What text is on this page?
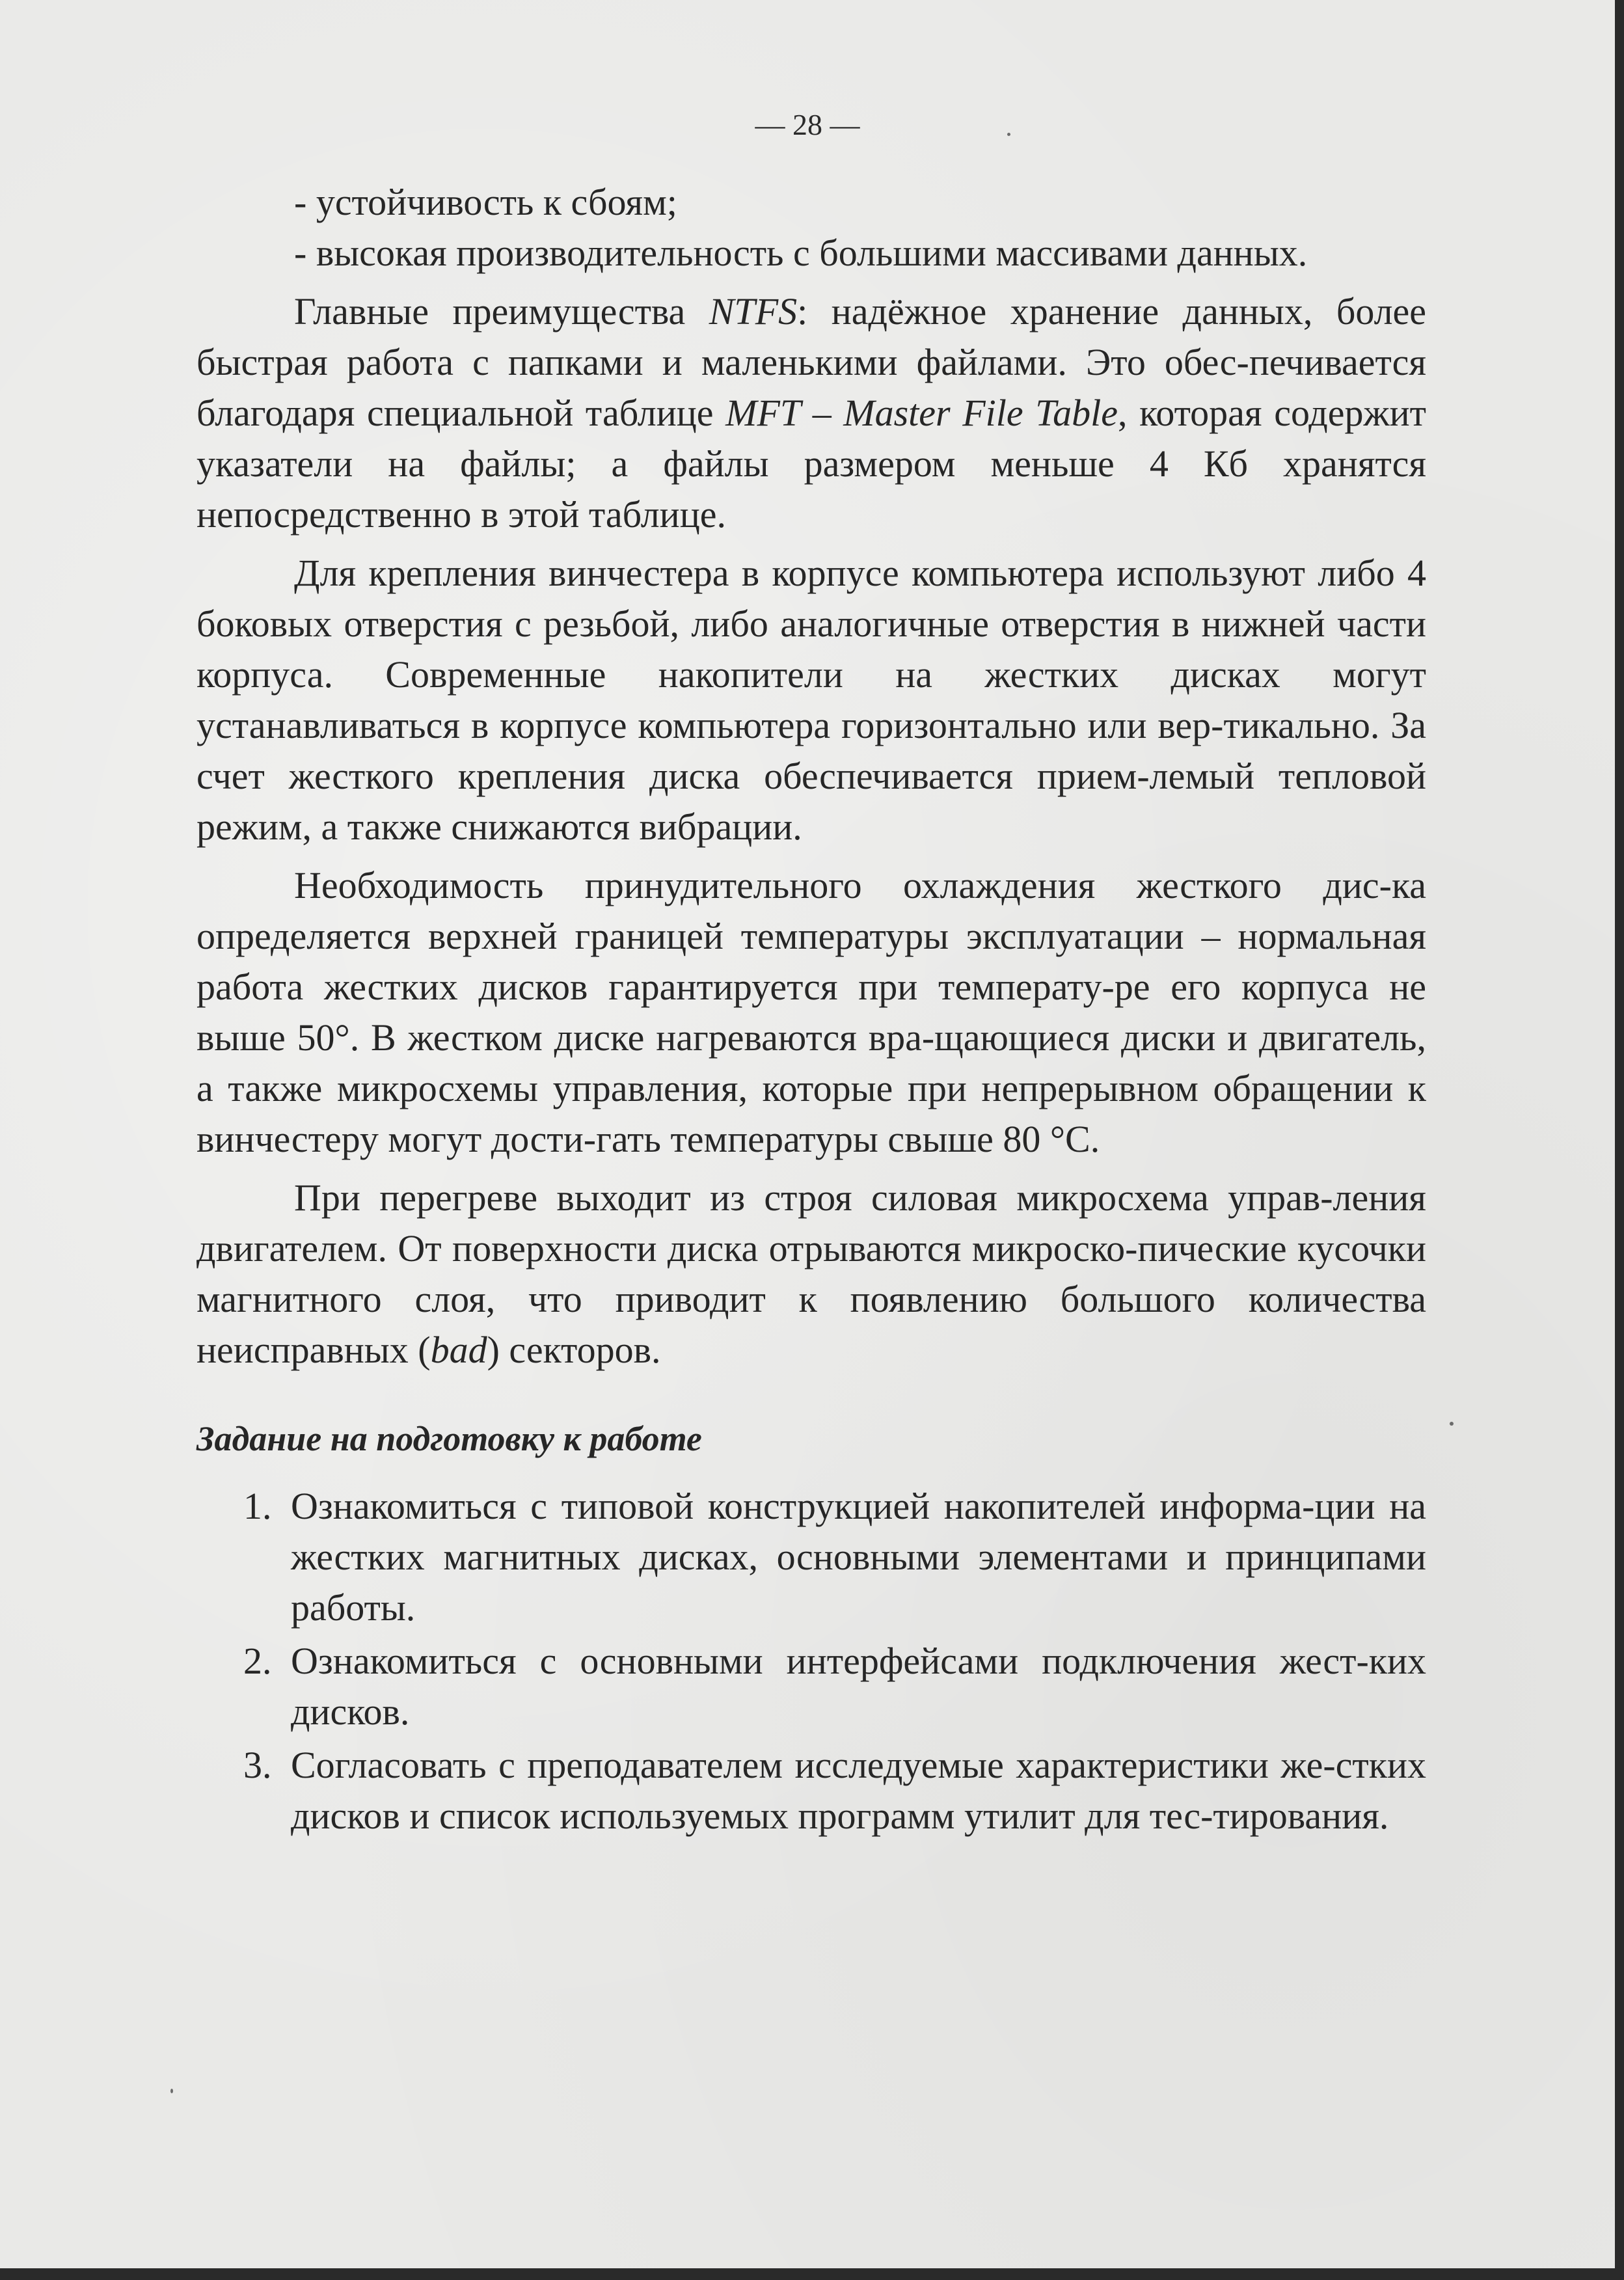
— 28 —

- устойчивость к сбоям;

- высокая производительность с большими массивами данных.

Главные преимущества NTFS: надёжное хранение данных, более быстрая работа с папками и маленькими файлами. Это обес-печивается благодаря специальной таблице MFT – Master File Table, которая содержит указатели на файлы; а файлы размером меньше 4 Кб хранятся непосредственно в этой таблице.

Для крепления винчестера в корпусе компьютера используют либо 4 боковых отверстия с резьбой, либо аналогичные отверстия в нижней части корпуса. Современные накопители на жестких дисках могут устанавливаться в корпусе компьютера горизонтально или вер-тикально. За счет жесткого крепления диска обеспечивается прием-лемый тепловой режим, а также снижаются вибрации.

Необходимость принудительного охлаждения жесткого дис-ка определяется верхней границей температуры эксплуатации – нормальная работа жестких дисков гарантируется при температу-ре его корпуса не выше 50°. В жестком диске нагреваются вра-щающиеся диски и двигатель, а также микросхемы управления, которые при непрерывном обращении к винчестеру могут дости-гать температуры свыше 80 °С.

При перегреве выходит из строя силовая микросхема управ-ления двигателем. От поверхности диска отрываются микроско-пические кусочки магнитного слоя, что приводит к появлению большого количества неисправных (bad) секторов.

Задание на подготовку к работе

1. Ознакомиться с типовой конструкцией накопителей информа-ции на жестких магнитных дисках, основными элементами и принципами работы.
2. Ознакомиться с основными интерфейсами подключения жест-ких дисков.
3. Согласовать с преподавателем исследуемые характеристики же-стких дисков и список используемых программ утилит для тес-тирования.
